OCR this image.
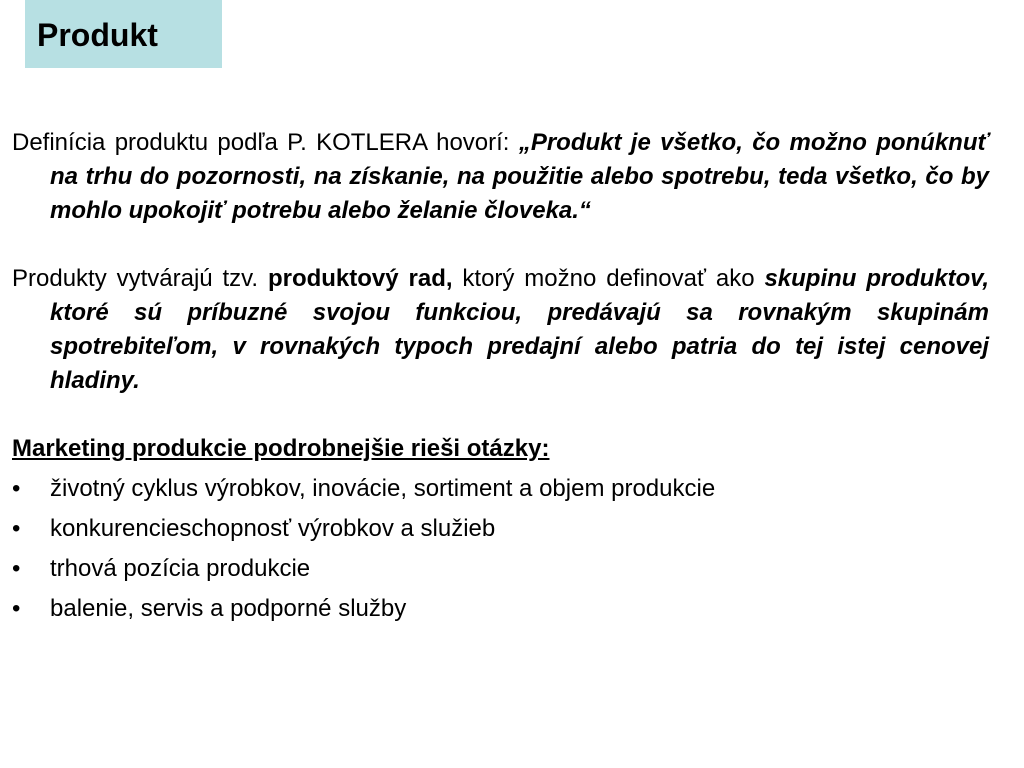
Produkt

Definícia produktu podľa P. KOTLERA hovorí: „Produkt je všetko, čo možno ponúknuť na trhu do pozornosti, na získanie, na použitie alebo spotrebu, teda všetko, čo by mohlo upokojiť potrebu alebo želanie človeka.“

Produkty vytvárajú tzv. produktový rad, ktorý možno definovať ako skupinu produktov, ktoré sú príbuzné svojou funkciou, predávajú sa rovnakým skupinám spotrebiteľom, v rovnakých typoch predajní alebo patria do tej istej cenovej hladiny.

Marketing produkcie podrobnejšie rieši otázky:

• životný cyklus výrobkov, inovácie, sortiment a objem produkcie
• konkurencieschopnosť výrobkov a služieb
• trhová pozícia produkcie
• balenie, servis a podporné služby
